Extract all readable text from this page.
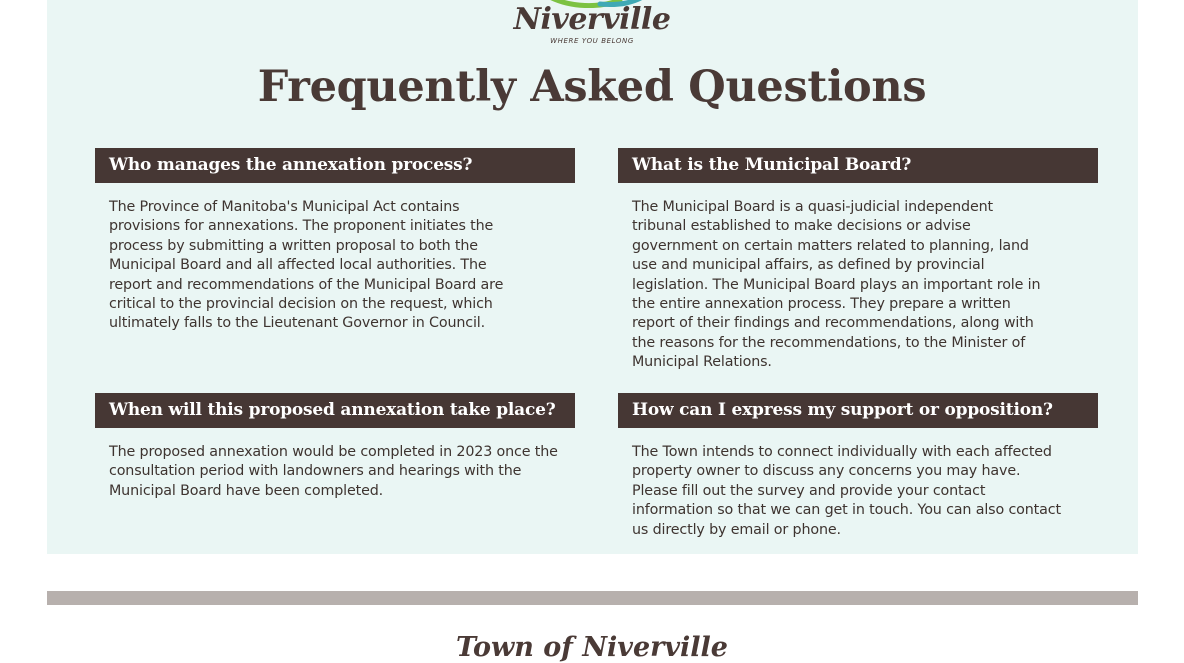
Niverville
WHERE YOU BELONG
Frequently Asked Questions
Who manages the annexation process?
The Province of Manitoba's Municipal Act contains
provisions for annexations. The proponent initiates the
process by submitting a written proposal to both the
Municipal Board and all affected local authorities. The
report and recommendations of the Municipal Board are
critical to the provincial decision on the request, which
ultimately falls to the Lieutenant Governor in Council.
What is the Municipal Board?
The Municipal Board is a quasi-judicial independent
tribunal established to make decisions or advise
government on certain matters related to planning, land
use and municipal affairs, as defined by provincial
legislation. The Municipal Board plays an important role in
the entire annexation process. They prepare a written
report of their findings and recommendations, along with
the reasons for the recommendations, to the Minister of
Municipal Relations.
When will this proposed annexation take place?
The proposed annexation would be completed in 2023 once the
consultation period with landowners and hearings with the
Municipal Board have been completed.
How can I express my support or opposition?
The Town intends to connect individually with each affected
property owner to discuss any concerns you may have.
Please fill out the survey and provide your contact
information so that we can get in touch. You can also contact
us directly by email or phone.
Town of Niverville
